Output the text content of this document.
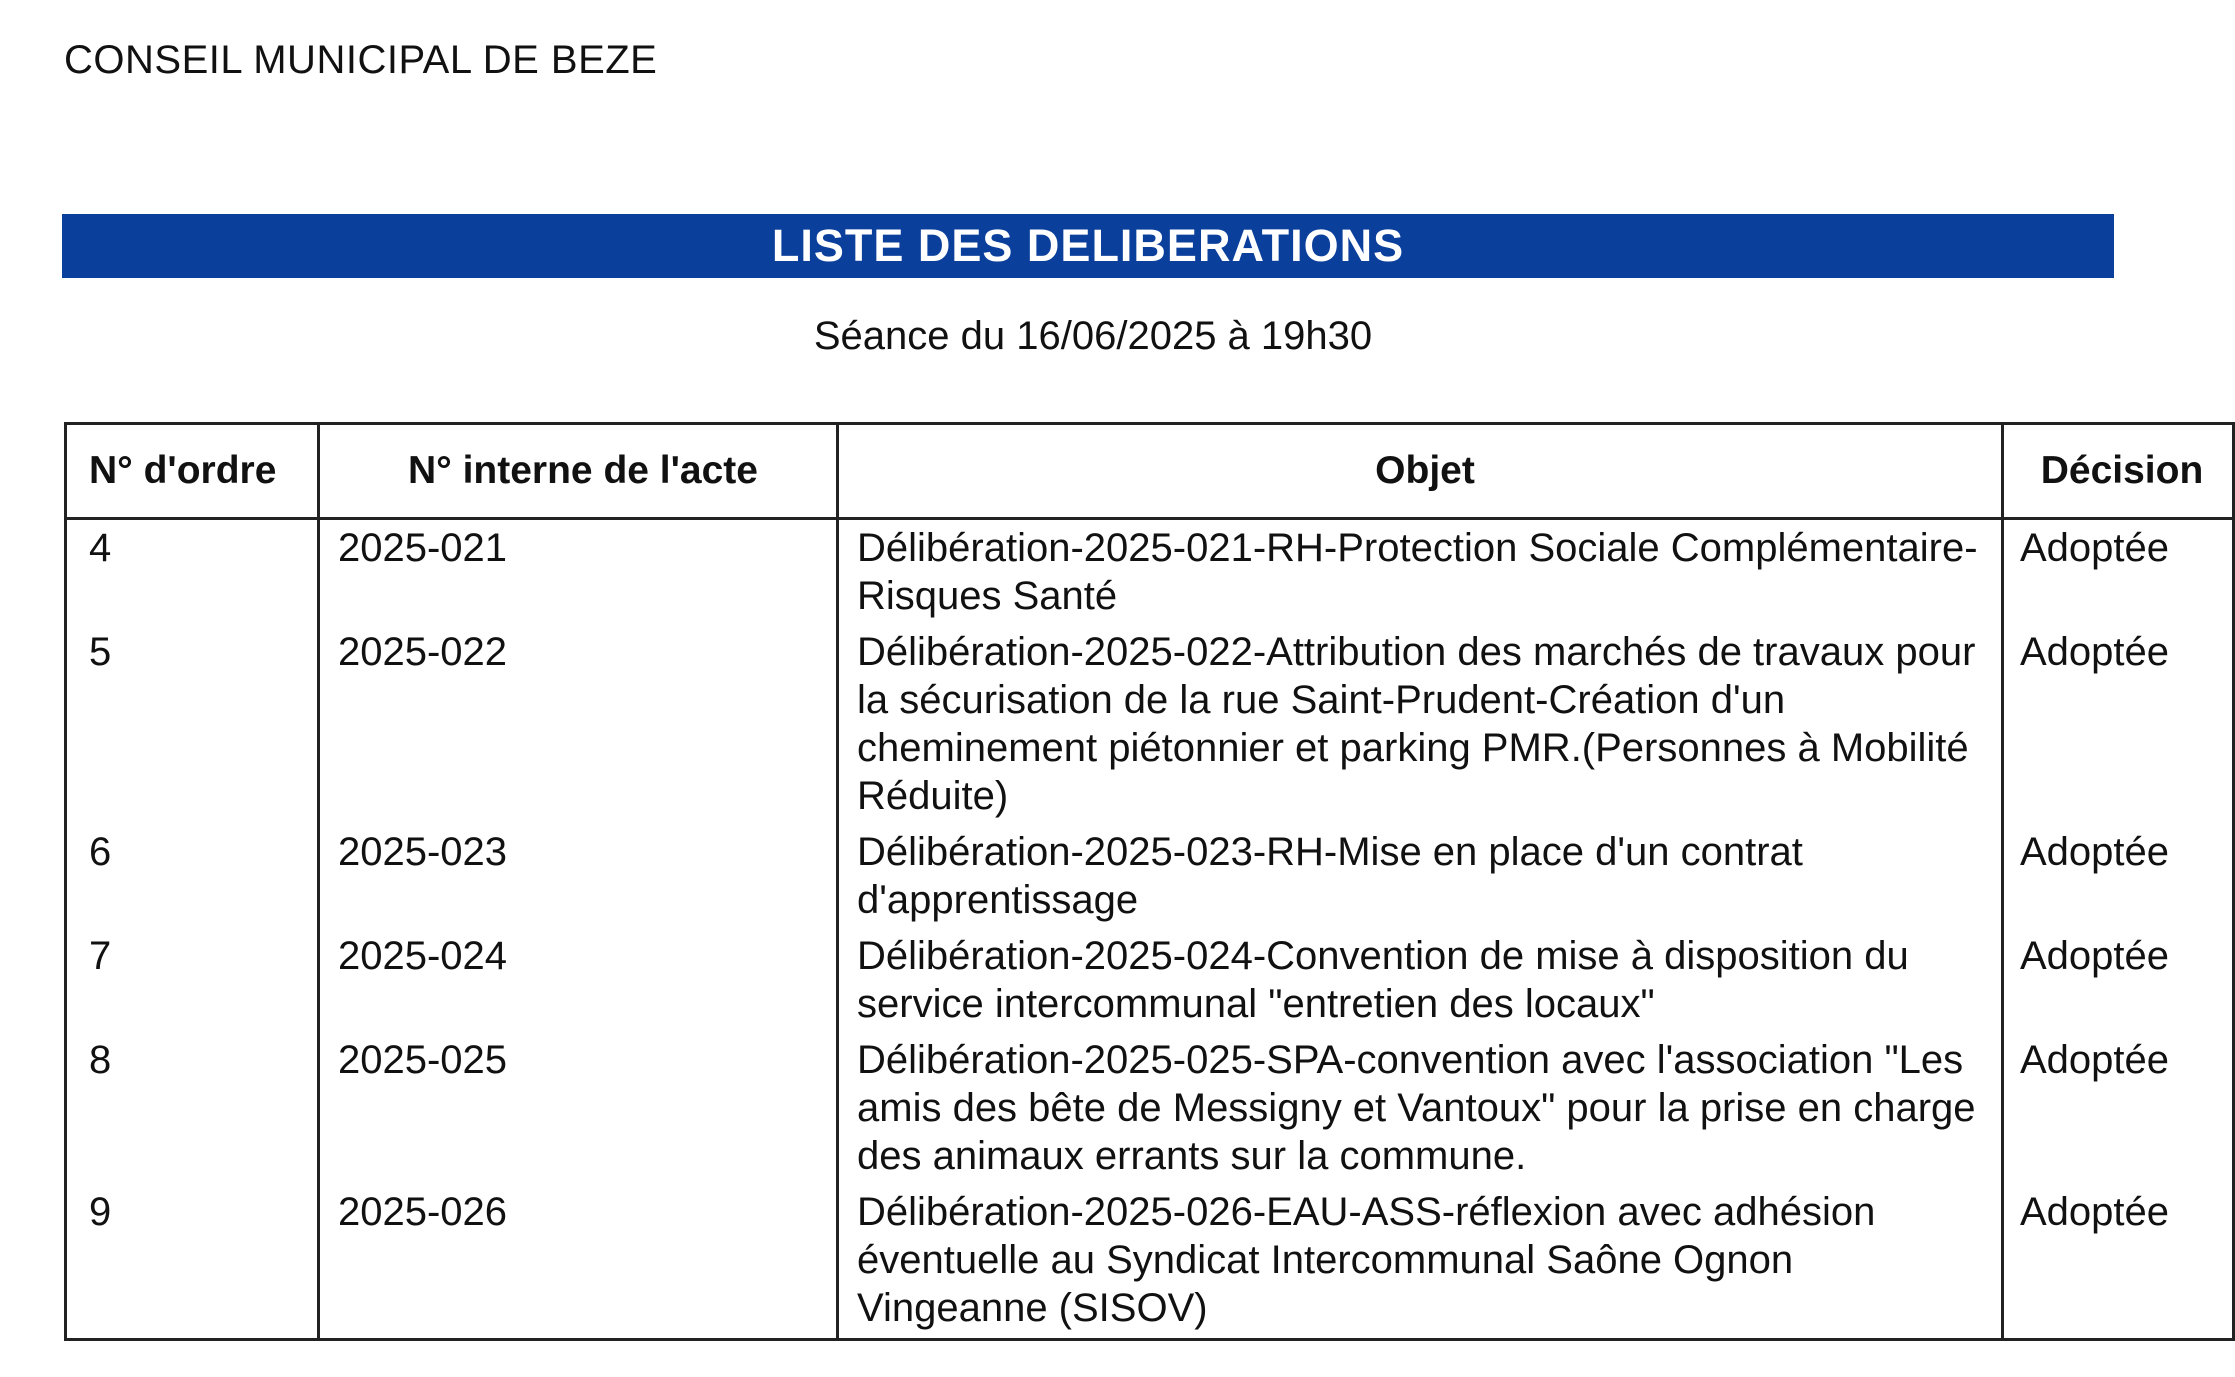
CONSEIL MUNICIPAL DE BEZE
LISTE DES DELIBERATIONS
Séance du 16/06/2025 à 19h30
N° d'ordre	N° interne de l'acte	Objet	Décision
4	2025-021	Délibération-2025-021-RH-Protection Sociale Complémentaire-Risques Santé	Adoptée
5	2025-022	Délibération-2025-022-Attribution des marchés de travaux pour la sécurisation de la rue Saint-Prudent-Création d'un cheminement piétonnier et parking PMR.(Personnes à Mobilité Réduite)	Adoptée
6	2025-023	Délibération-2025-023-RH-Mise en place d'un contrat d'apprentissage	Adoptée
7	2025-024	Délibération-2025-024-Convention de mise à disposition du service intercommunal "entretien des locaux"	Adoptée
8	2025-025	Délibération-2025-025-SPA-convention avec l'association "Les amis des bête de Messigny et Vantoux" pour la prise en charge des animaux errants sur la commune.	Adoptée
9	2025-026	Délibération-2025-026-EAU-ASS-réflexion avec adhésion éventuelle au Syndicat Intercommunal Saône Ognon Vingeanne (SISOV)	Adoptée
